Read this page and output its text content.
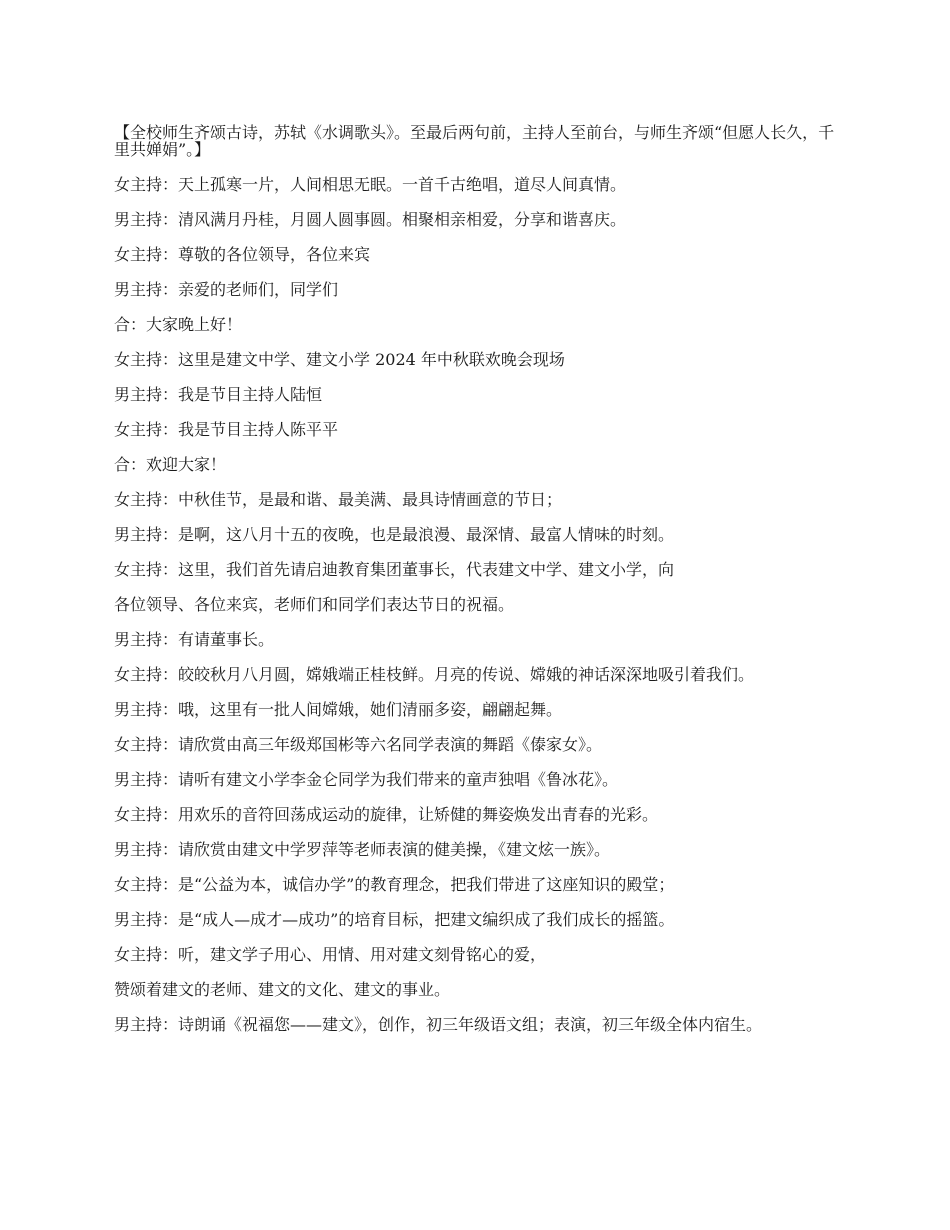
【全校师生齐颂古诗，苏轼《水调歌头》。至最后两句前，主持人至前台，与师生齐颂“但愿人长久，千里共婵娟”。】

女主持：天上孤寒一片，人间相思无眠。一首千古绝唱，道尽人间真情。

男主持：清风满月丹桂，月圆人圆事圆。相聚相亲相爱，分享和谐喜庆。

女主持：尊敬的各位领导，各位来宾

男主持：亲爱的老师们，同学们

合：大家晚上好！

女主持：这里是建文中学、建文小学 2024 年中秋联欢晚会现场

男主持：我是节目主持人陆恒

女主持：我是节目主持人陈平平

合：欢迎大家！

女主持：中秋佳节，是最和谐、最美满、最具诗情画意的节日；

男主持：是啊，这八月十五的夜晚，也是最浪漫、最深情、最富人情味的时刻。

女主持：这里，我们首先请启迪教育集团董事长，代表建文中学、建文小学，向

各位领导、各位来宾，老师们和同学们表达节日的祝福。

男主持：有请董事长。

女主持：皎皎秋月八月圆，嫦娥端正桂枝鲜。月亮的传说、嫦娥的神话深深地吸引着我们。

男主持：哦，这里有一批人间嫦娥，她们清丽多姿，翩翩起舞。

女主持：请欣赏由高三年级郑国彬等六名同学表演的舞蹈《傣家女》。

男主持：请听有建文小学李金仑同学为我们带来的童声独唱《鲁冰花》。

女主持：用欢乐的音符回荡成运动的旋律，让矫健的舞姿焕发出青春的光彩。

男主持：请欣赏由建文中学罗萍等老师表演的健美操，《建文炫一族》。

女主持：是“公益为本，诚信办学”的教育理念，把我们带进了这座知识的殿堂；

男主持：是“成人—成才—成功”的培育目标，把建文编织成了我们成长的摇篮。

女主持：听，建文学子用心、用情、用对建文刻骨铭心的爱，

赞颂着建文的老师、建文的文化、建文的事业。

男主持：诗朗诵《祝福您——建文》，创作，初三年级语文组；表演，初三年级全体内宿生。
